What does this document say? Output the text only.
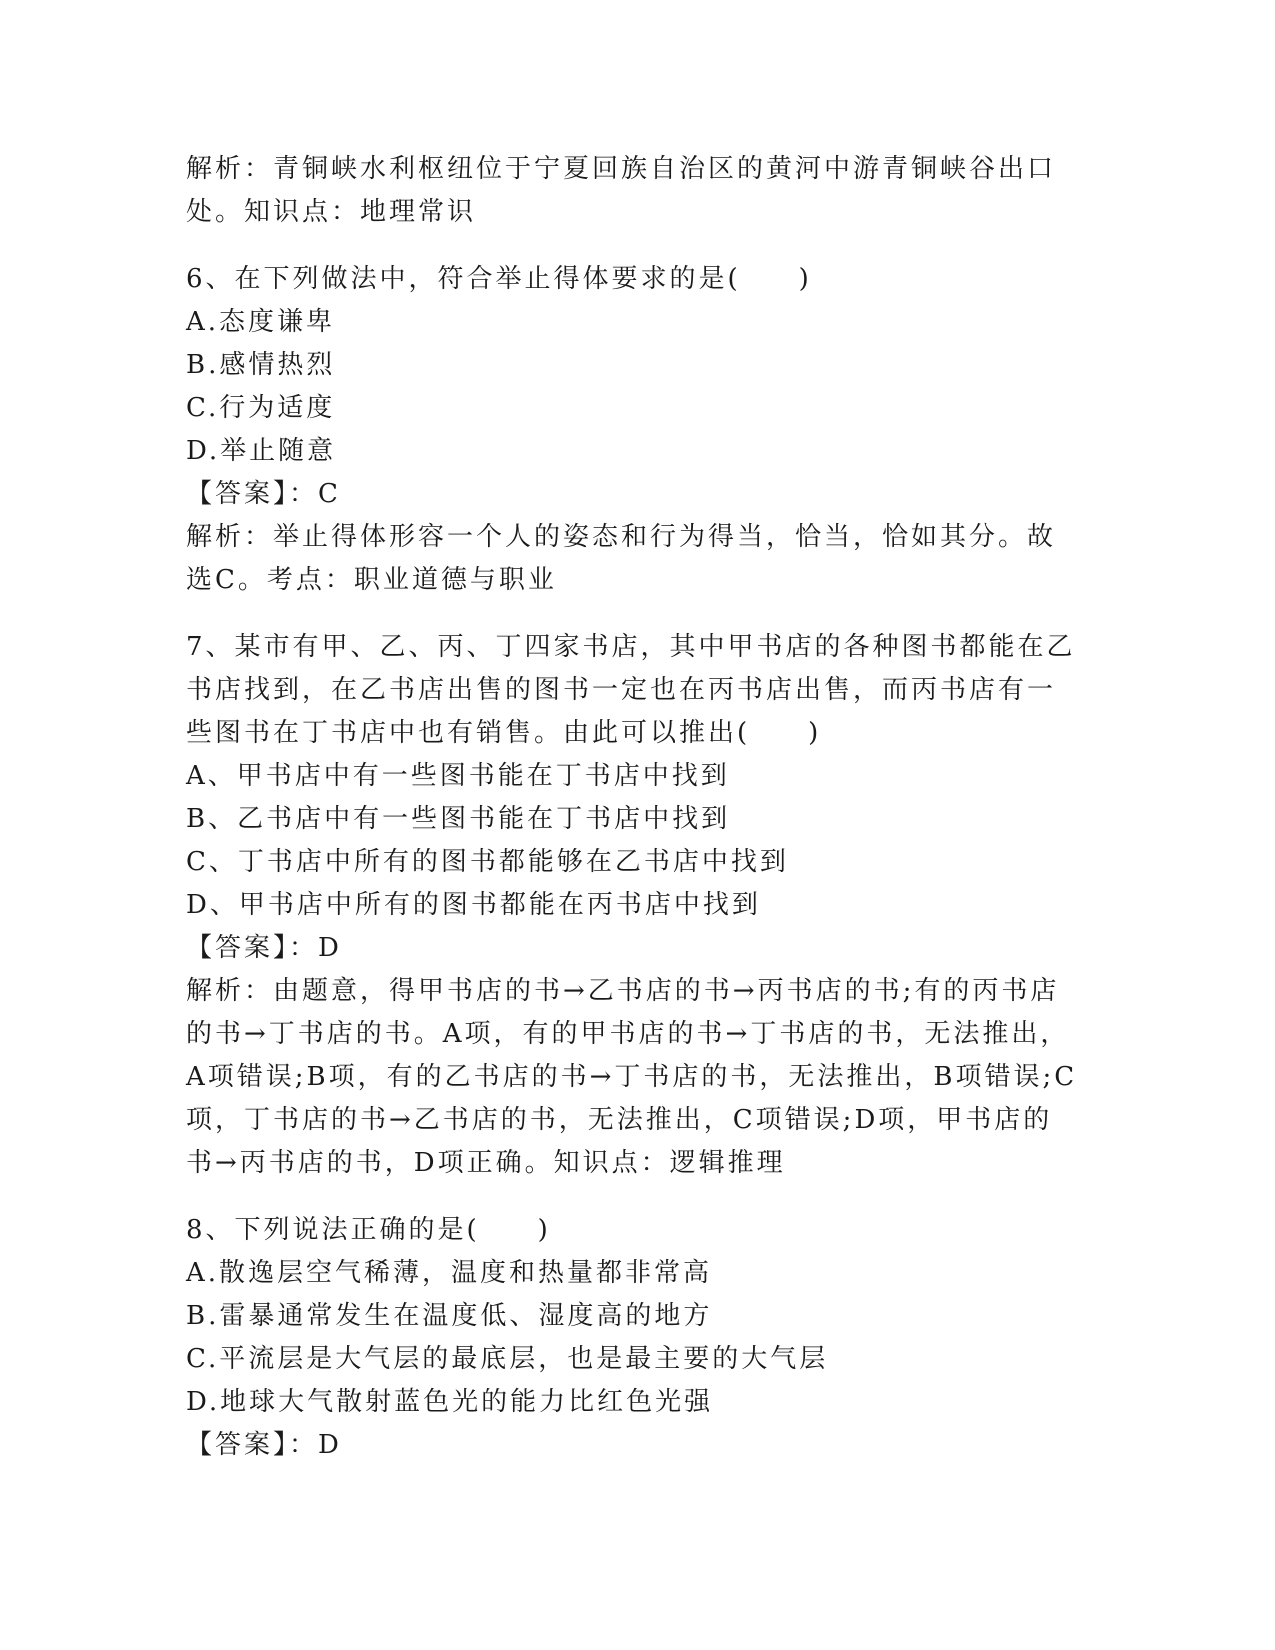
解析：青铜峡水利枢纽位于宁夏回族自治区的黄河中游青铜峡谷出口
处。知识点：地理常识
6、在下列做法中，符合举止得体要求的是(　　)
A.态度谦卑
B.感情热烈
C.行为适度
D.举止随意
【答案】：C
解析：举止得体形容一个人的姿态和行为得当，恰当，恰如其分。故
选C。考点：职业道德与职业
7、某市有甲、乙、丙、丁四家书店，其中甲书店的各种图书都能在乙
书店找到，在乙书店出售的图书一定也在丙书店出售，而丙书店有一
些图书在丁书店中也有销售。由此可以推出(　　)
A、甲书店中有一些图书能在丁书店中找到
B、乙书店中有一些图书能在丁书店中找到
C、丁书店中所有的图书都能够在乙书店中找到
D、甲书店中所有的图书都能在丙书店中找到
【答案】：D
解析：由题意，得甲书店的书→乙书店的书→丙书店的书;有的丙书店
的书→丁书店的书。A项，有的甲书店的书→丁书店的书，无法推出，
A项错误;B项，有的乙书店的书→丁书店的书，无法推出，B项错误;C
项，丁书店的书→乙书店的书，无法推出，C项错误;D项，甲书店的
书→丙书店的书，D项正确。知识点：逻辑推理
8、下列说法正确的是(　　)
A.散逸层空气稀薄，温度和热量都非常高
B.雷暴通常发生在温度低、湿度高的地方
C.平流层是大气层的最底层，也是最主要的大气层
D.地球大气散射蓝色光的能力比红色光强
【答案】：D
